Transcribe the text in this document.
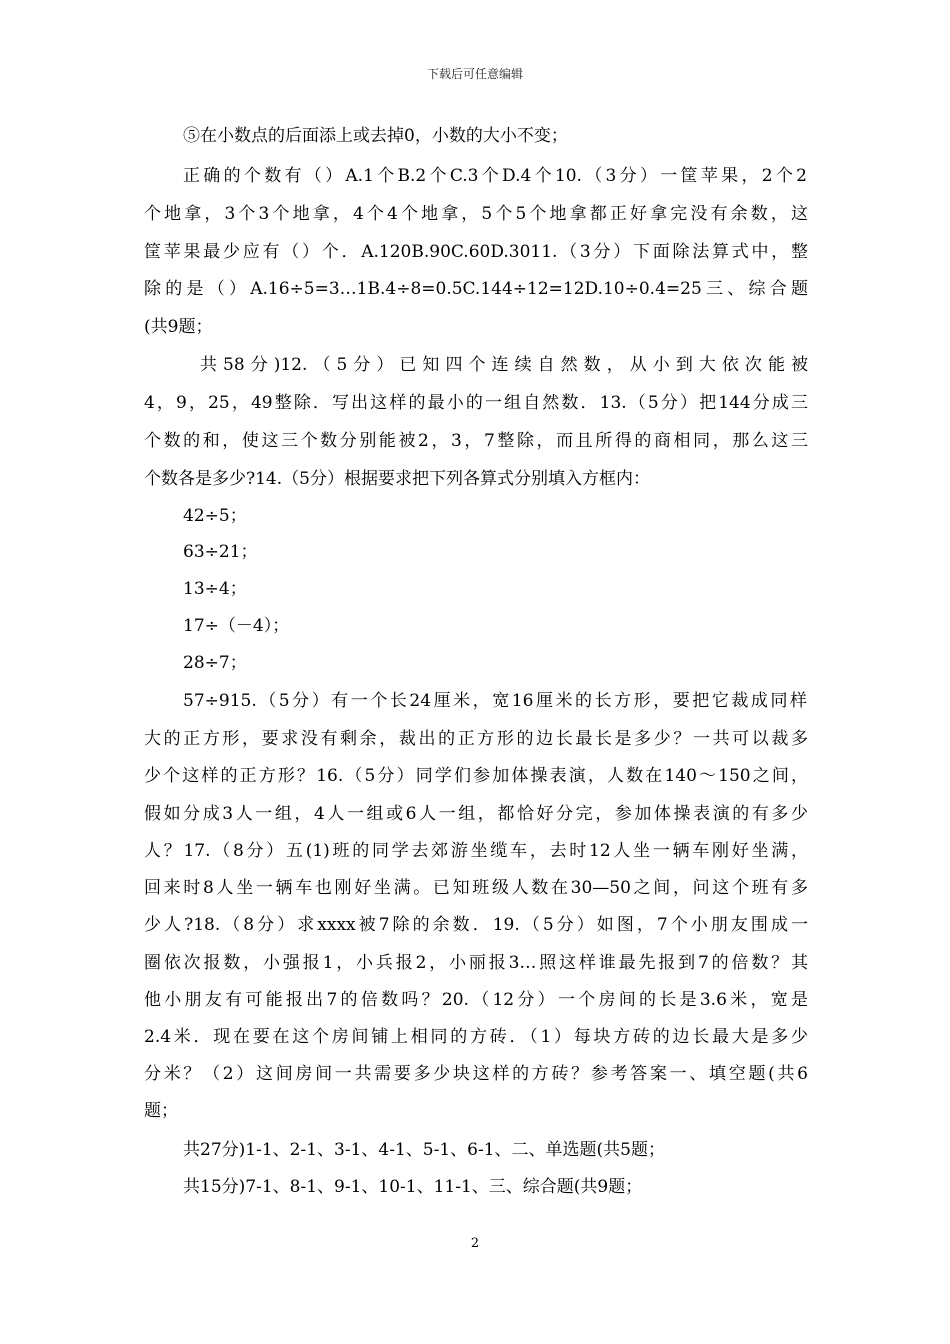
下载后可任意编辑
⑤在小数点的后面添上或去掉0，小数的大小不变；
正确的个数有（）A.1个B.2个C.3个D.4个10.（3分）一筐苹果，2个2
个地拿，3个3个地拿，4个4个地拿，5个5个地拿都正好拿完没有余数，这
筐苹果最少应有（）个．A.120B.90C.60D.3011.（3分）下面除法算式中，整
除的是（）A.16÷5=3…1B.4÷8=0.5C.144÷12=12D.10÷0.4=25三、综合题
(共9题；
共58分)12.（5分）已知四个连续自然数，从小到大依次能被
4，9，25，49整除．写出这样的最小的一组自然数．13.（5分）把144分成三
个数的和，使这三个数分别能被2，3，7整除，而且所得的商相同，那么这三
个数各是多少?14.（5分）根据要求把下列各算式分别填入方框内：
42÷5；
63÷21；
13÷4；
17÷（－4）；
28÷7；
57÷915.（5分）有一个长24厘米，宽16厘米的长方形，要把它裁成同样
大的正方形，要求没有剩余，裁出的正方形的边长最长是多少？一共可以裁多
少个这样的正方形？16.（5分）同学们参加体操表演，人数在140～150之间，
假如分成3人一组，4人一组或6人一组，都恰好分完，参加体操表演的有多少
人？17.（8分）五(1)班的同学去郊游坐缆车，去时12人坐一辆车刚好坐满，
回来时8人坐一辆车也刚好坐满。已知班级人数在30—50之间，问这个班有多
少人?18.（8分）求xxxx被7除的余数．19.（5分）如图，7个小朋友围成一
圈依次报数，小强报1，小兵报2，小丽报3…照这样谁最先报到7的倍数？其
他小朋友有可能报出7的倍数吗？20.（12分）一个房间的长是3.6米，宽是
2.4米．现在要在这个房间铺上相同的方砖．（1）每块方砖的边长最大是多少
分米？（2）这间房间一共需要多少块这样的方砖？参考答案一、填空题(共6
题；
共27分)1-1、2-1、3-1、4-1、5-1、6-1、二、单选题(共5题；
共15分)7-1、8-1、9-1、10-1、11-1、三、综合题(共9题；
2
